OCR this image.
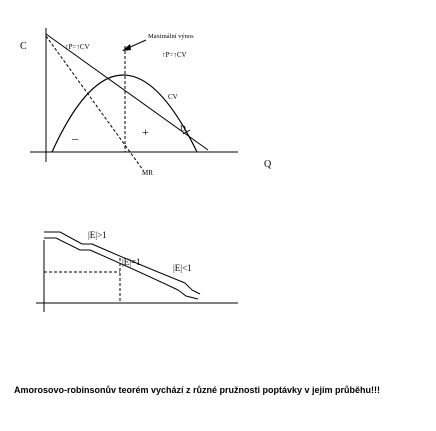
C
Q
↑P=↑CV
Maximální výnos
↑P=↑CV
CV
D
–	+
MR
|E|>1
|E|=1
|E|<1
Amorosovo-robinsonův teorém vychází z různé pružnosti poptávky v jejím průběhu!!!
